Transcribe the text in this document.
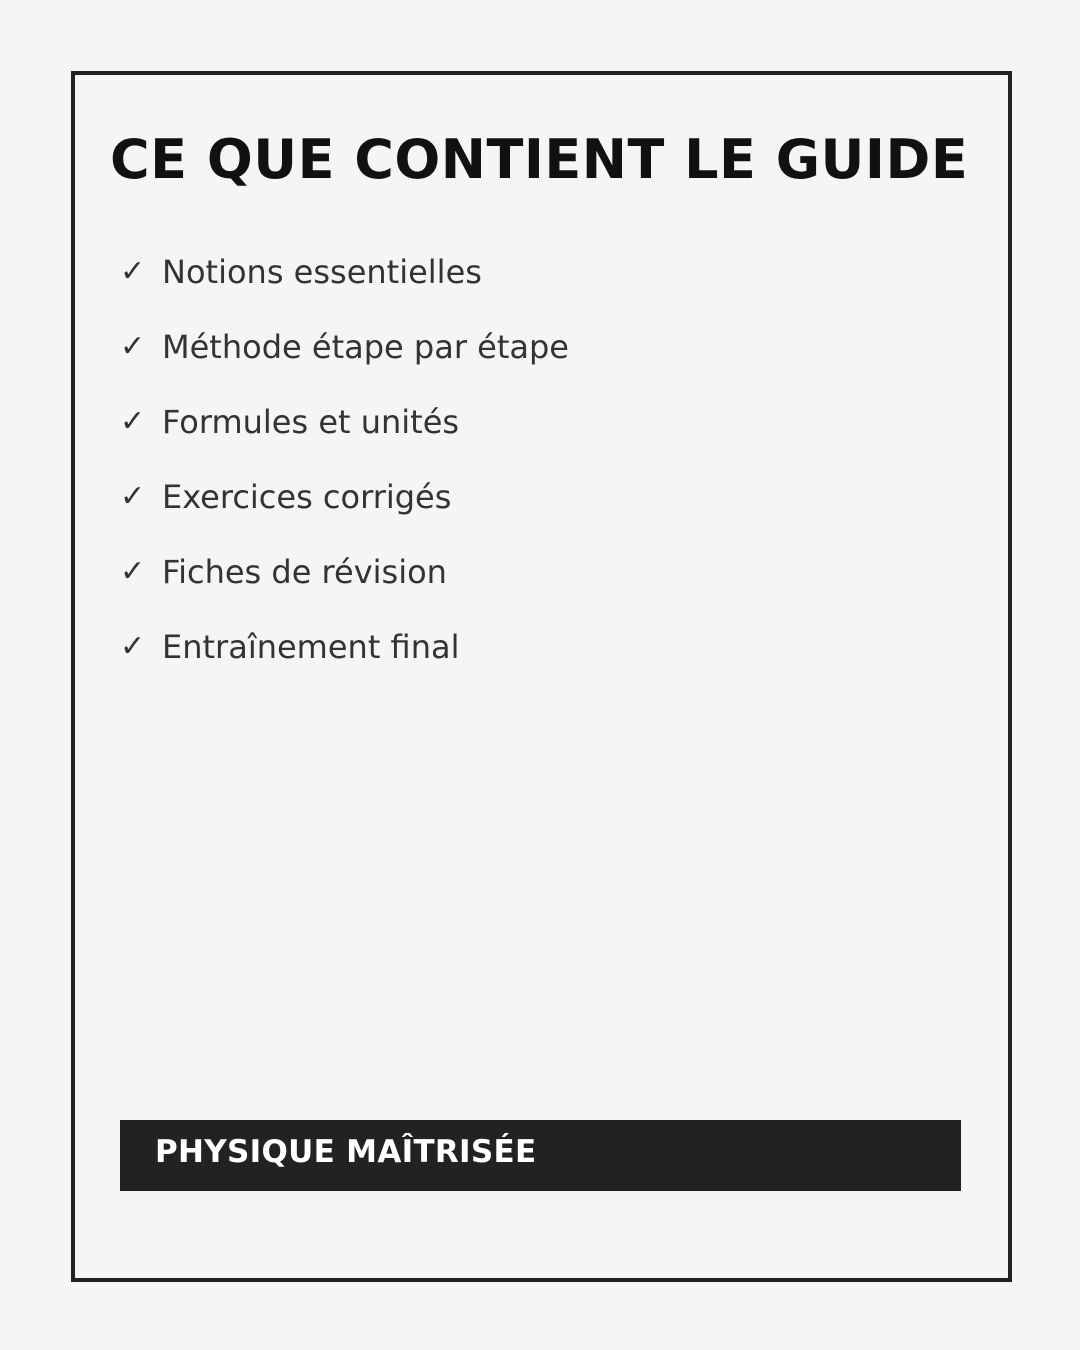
CE QUE CONTIENT LE GUIDE
✓ Notions essentielles
✓ Méthode étape par étape
✓ Formules et unités
✓ Exercices corrigés
✓ Fiches de révision
✓ Entraînement final
PHYSIQUE MAÎTRISÉE
